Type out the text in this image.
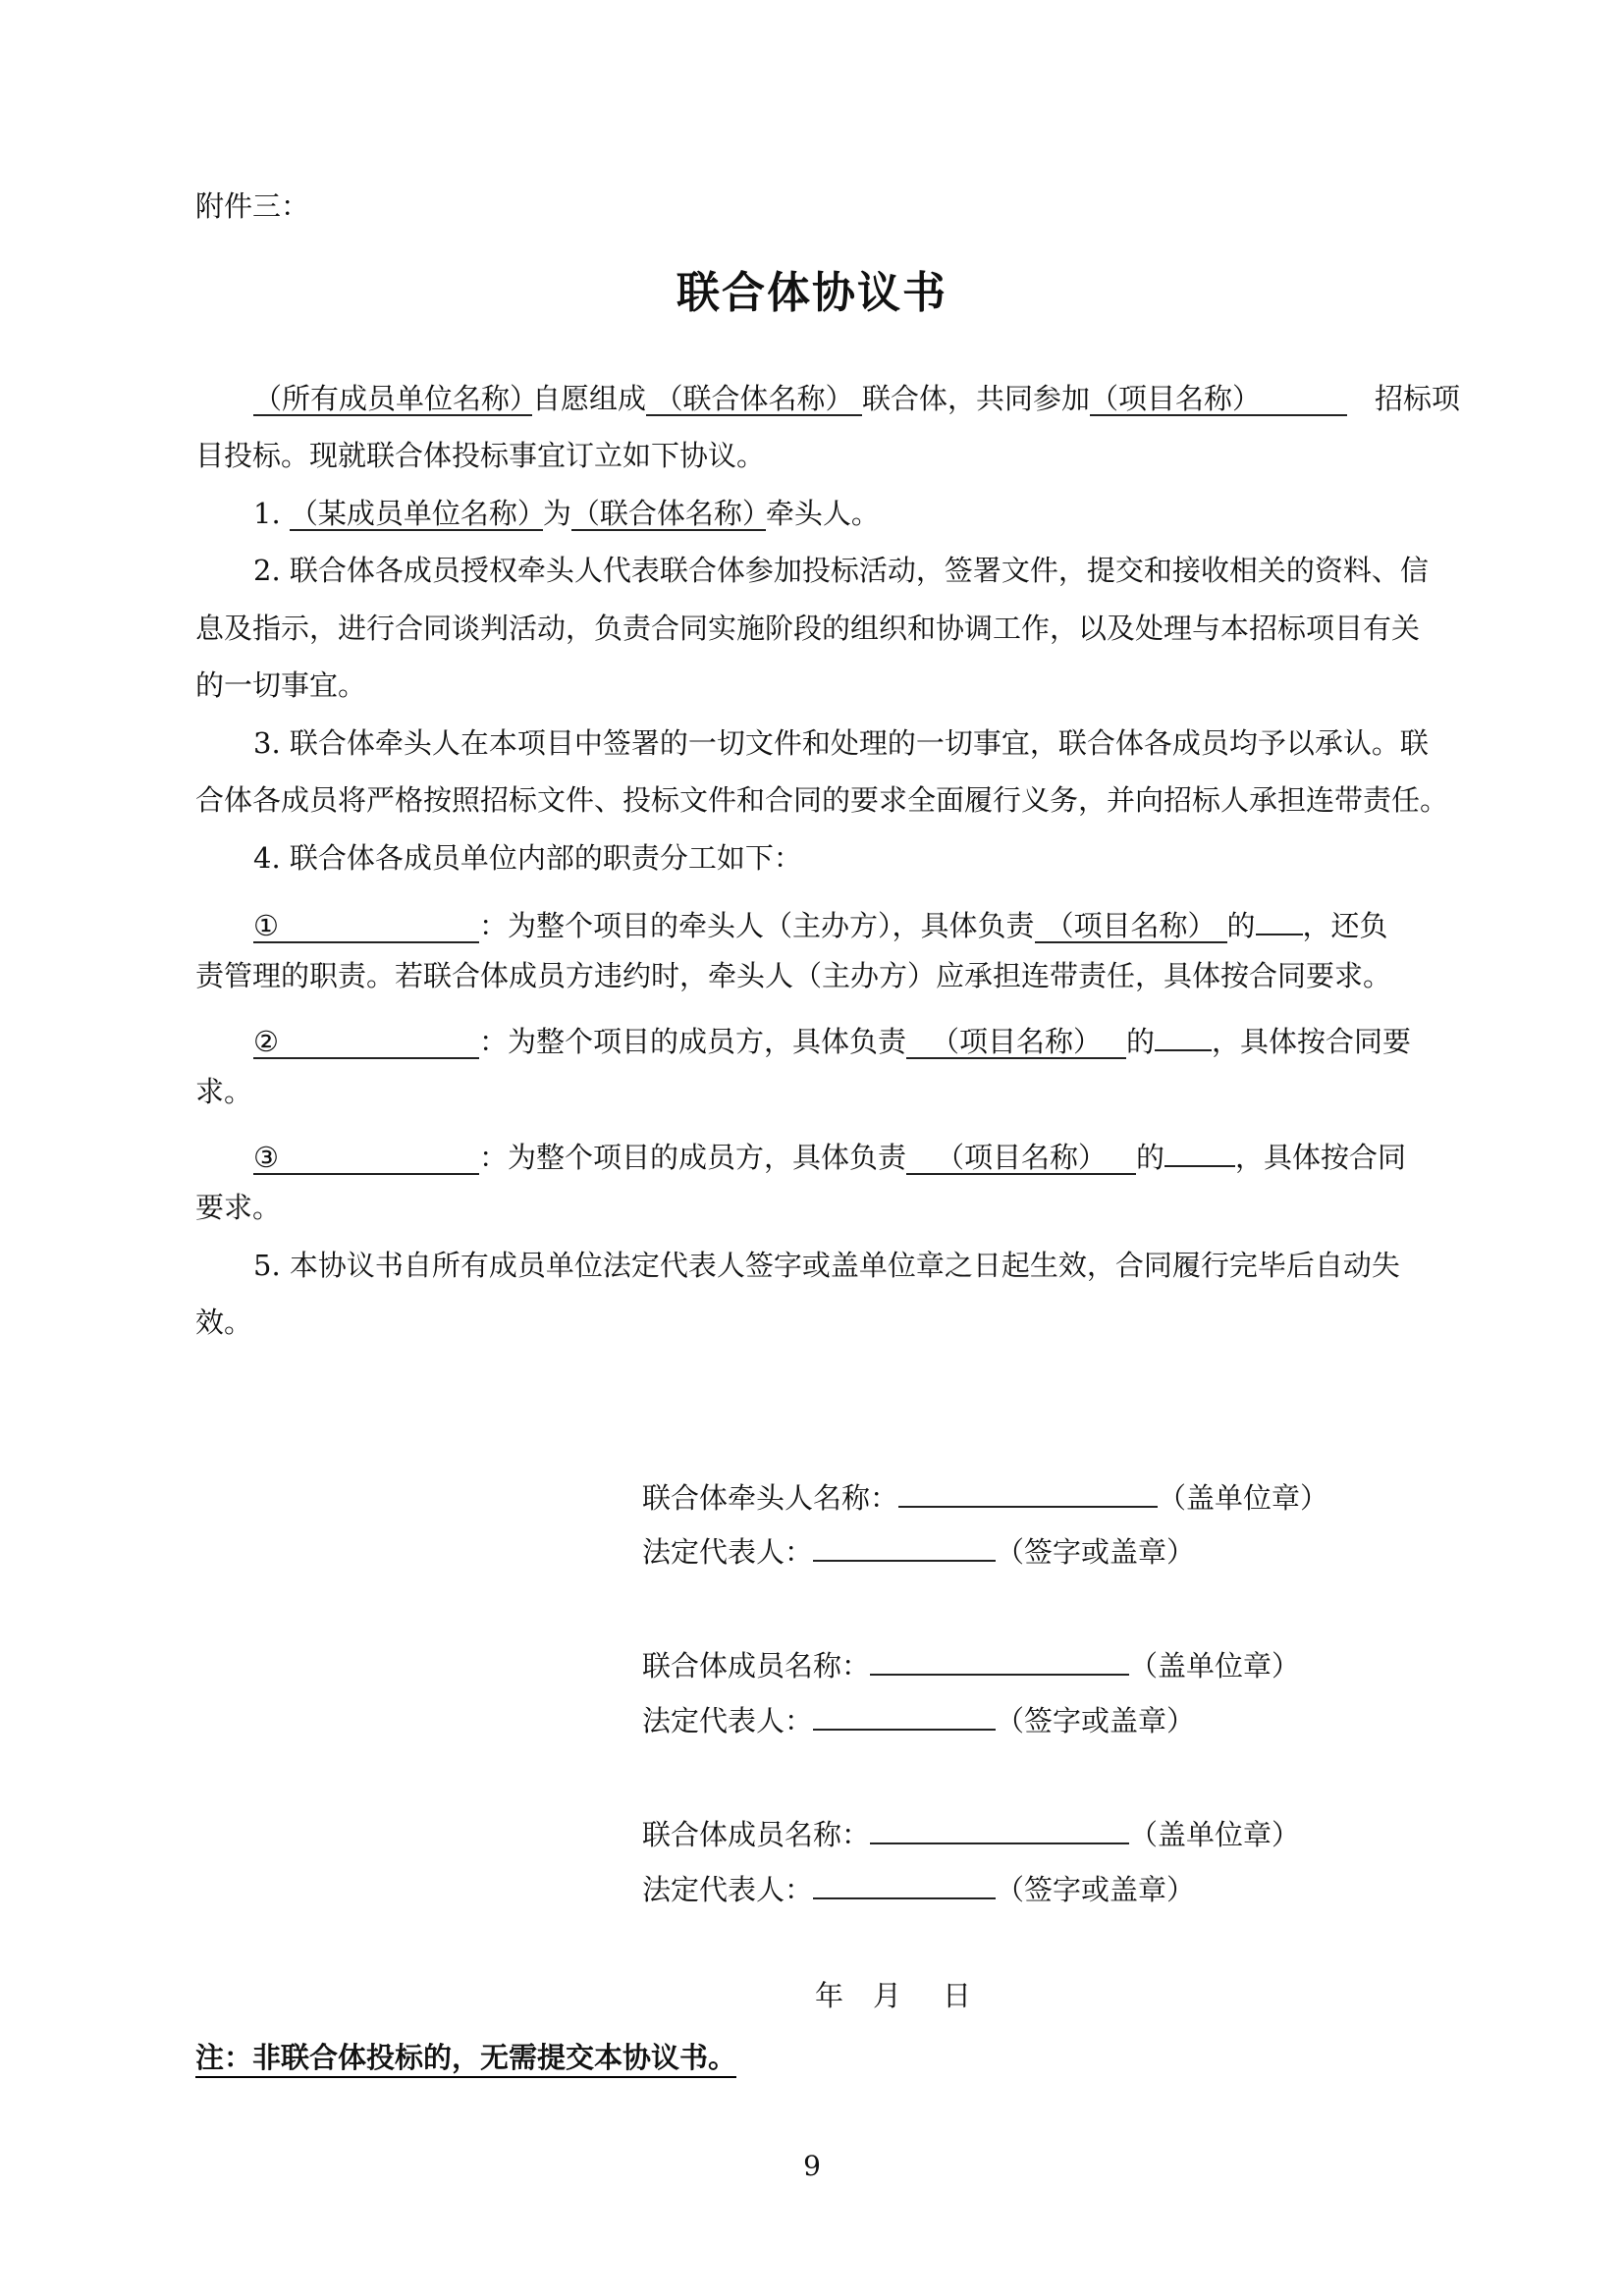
附件三：
联合体协议书
（所有成员单位名称）自愿组成 （联合体名称） 联合体，共同参加（项目名称）	招标项
目投标。现就联合体投标事宜订立如下协议。
1. （某成员单位名称）为（联合体名称）牵头人。
2. 联合体各成员授权牵头人代表联合体参加投标活动，签署文件，提交和接收相关的资料、信
息及指示，进行合同谈判活动，负责合同实施阶段的组织和协调工作，以及处理与本招标项目有关
的一切事宜。
3. 联合体牵头人在本项目中签署的一切文件和处理的一切事宜，联合体各成员均予以承认。联
合体各成员将严格按照招标文件、投标文件和合同的要求全面履行义务，并向招标人承担连带责任。
4. 联合体各成员单位内部的职责分工如下：
①	：为整个项目的牵头人（主办方），具体负责 （项目名称） 的 ，还负
责管理的职责。若联合体成员方违约时，牵头人（主办方）应承担连带责任，具体按合同要求。
②	：为整个项目的成员方，具体负责 （项目名称） 的 ，具体按合同要
求。
③	：为整个项目的成员方，具体负责 （项目名称） 的 ，具体按合同
要求。
5. 本协议书自所有成员单位法定代表人签字或盖单位章之日起生效，合同履行完毕后自动失
效。
联合体牵头人名称：	（盖单位章）
法定代表人：	（签字或盖章）
联合体成员名称：	（盖单位章）
法定代表人：	（签字或盖章）
联合体成员名称：	（盖单位章）
法定代表人：	（签字或盖章）
年 月 日
注：非联合体投标的，无需提交本协议书。
9
